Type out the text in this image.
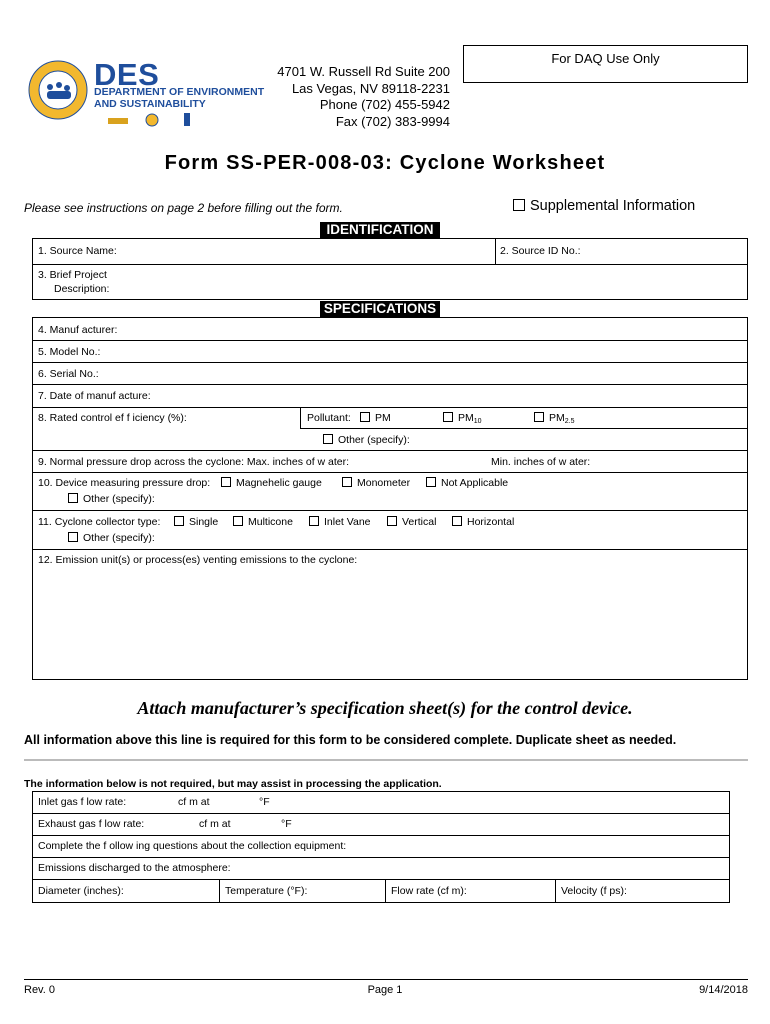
For DAQ Use Only
DES
DEPARTMENT OF ENVIRONMENT
AND SUSTAINABILITY
4701 W. Russell Rd Suite 200
Las Vegas, NV 89118-2231
Phone (702) 455-5942
Fax (702) 383-9994
Form SS-PER-008-03: Cyclone Worksheet
Please see instructions on page 2 before filling out the form.	Supplemental Information
IDENTIFICATION
1. Source Name:	2. Source ID No.:
3. Brief Project
Description:
SPECIFICATIONS
4. Manuf acturer:
5. Model No.:
6. Serial No.:
7. Date of manuf acture:
8. Rated control ef f iciency (%):	Pollutant:	PM	$PM_{10}$	$PM_{2.5}$
Other (specify):
9. Normal pressure drop across the cyclone: Max. inches of w ater:	Min. inches of w ater:
10. Device measuring pressure drop:	Magnehelic gauge	Monometer	Not Applicable
Other (specify):
11. Cyclone collector type:	Single	Multicone	Inlet Vane	Vertical	Horizontal
Other (specify):
12. Emission unit(s) or process(es) venting emissions to the cyclone:
Attach manufacturer’s specification sheet(s) for the control device.
All information above this line is required for this form to be considered complete. Duplicate sheet as needed.
The information below is not required, but may assist in processing the application.
Inlet gas f low rate:	cf m at	°F
Exhaust gas f low rate:	cf m at	°F
Complete the f ollow ing questions about the collection equipment:
Emissions discharged to the atmosphere:
Diameter (inches):	Temperature (°F):	Flow rate (cf m):	Velocity (f ps):
Rev. 0	Page 1	9/14/2018
